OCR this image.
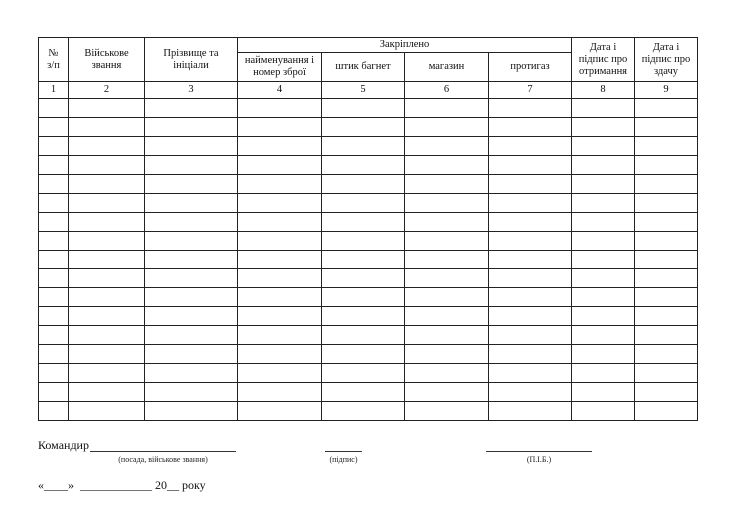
№
з/п	Військове звання	Прізвище та ініціали	Закріплено				Дата і підпис про отримання	Дата і підпис про здачу
			найменування і номер зброї	штик багнет	магазин	протигаз		
1	2	3	4	5	6	7	8	9

Командир
(посада, військове звання)	(підпис)	(П.І.Б.)
«____»  ____________ 20__ року
